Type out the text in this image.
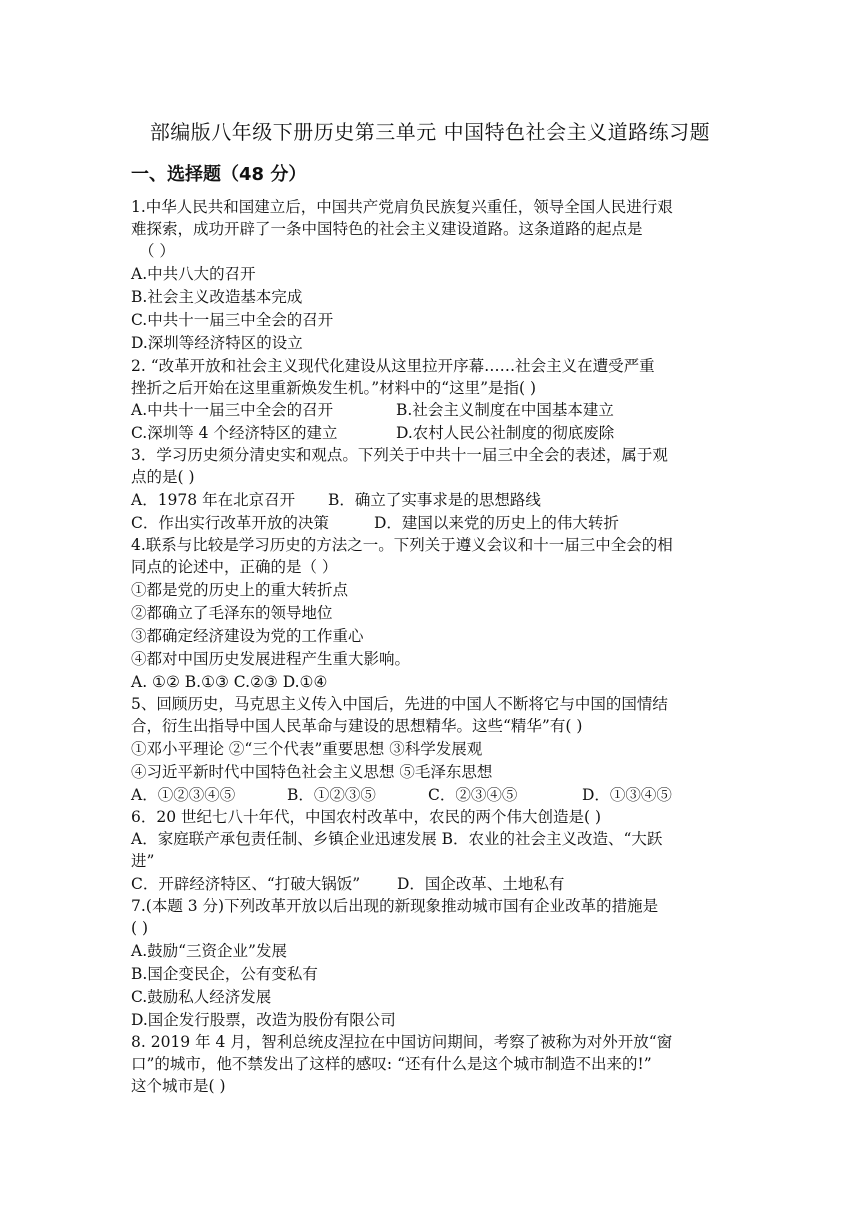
部编版八年级下册历史第三单元 中国特色社会主义道路练习题
一、选择题（48 分）
1.中华人民共和国建立后，中国共产党肩负民族复兴重任，领导全国人民进行艰
难探索，成功开辟了一条中国特色的社会主义建设道路。这条道路的起点是
（ ）
A.中共八大的召开
B.社会主义改造基本完成
C.中共十一届三中全会的召开
D.深圳等经济特区的设立
2. “改革开放和社会主义现代化建设从这里拉开序幕……社会主义在遭受严重
挫折之后开始在这里重新焕发生机。”材料中的“这里”是指( )
A.中共十一届三中全会的召开	B.社会主义制度在中国基本建立
C.深圳等 4 个经济特区的建立	D.农村人民公社制度的彻底废除
3．学习历史须分清史实和观点。下列关于中共十一届三中全会的表述，属于观
点的是( )
A．1978 年在北京召开 B．确立了实事求是的思想路线
C．作出实行改革开放的决策	D．建国以来党的历史上的伟大转折
4.联系与比较是学习历史的方法之一。下列关于遵义会议和十一届三中全会的相
同点的论述中，正确的是（ ）
①都是党的历史上的重大转折点
②都确立了毛泽东的领导地位
③都确定经济建设为党的工作重心
④都对中国历史发展进程产生重大影响。
A. ①② B.①③ C.②③ D.①④
5、回顾历史，马克思主义传入中国后，先进的中国人不断将它与中国的国情结
合，衍生出指导中国人民革命与建设的思想精华。这些“精华”有( )
①邓小平理论 ②“三个代表”重要思想 ③科学发展观
④习近平新时代中国特色社会主义思想 ⑤毛泽东思想
A．①②③④⑤	B．①②③⑤	C．②③④⑤	D．①③④⑤
6．20 世纪七八十年代，中国农村改革中，农民的两个伟大创造是( )
A．家庭联产承包责任制、乡镇企业迅速发展 B．农业的社会主义改造、“大跃
进”
C．开辟经济特区、“打破大锅饭” D．国企改革、土地私有
7.(本题 3 分)下列改革开放以后出现的新现象推动城市国有企业改革的措施是
( )
A.鼓励“三资企业”发展
B.国企变民企，公有变私有
C.鼓励私人经济发展
D.国企发行股票，改造为股份有限公司
8. 2019 年 4 月，智利总统皮涅拉在中国访问期间，考察了被称为对外开放“窗
口”的城市，他不禁发出了这样的感叹: “还有什么是这个城市制造不出来的!”
这个城市是( )
